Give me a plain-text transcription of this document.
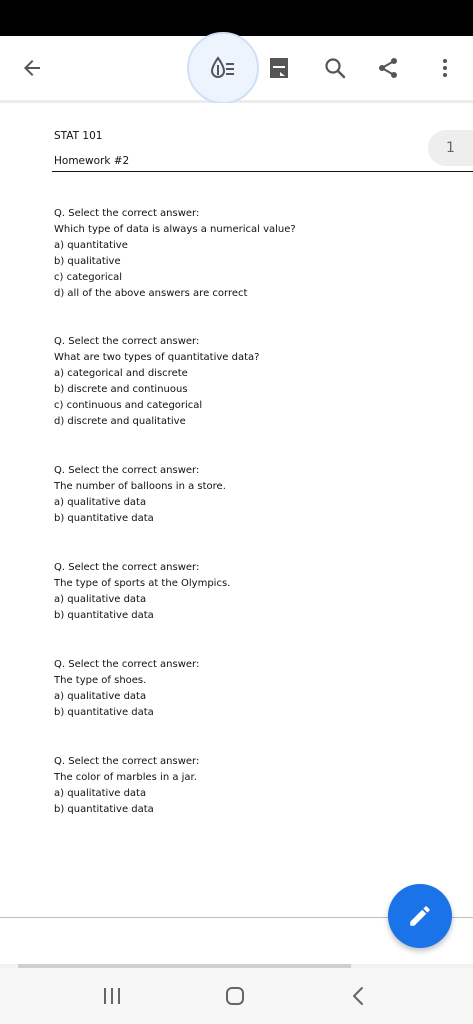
STAT 101
Homework #2
1
Q. Select the correct answer:
Which type of data is always a numerical value?
a) quantitative
b) qualitative
c) categorical
d) all of the above answers are correct
Q. Select the correct answer:
What are two types of quantitative data?
a) categorical and discrete
b) discrete and continuous
c) continuous and categorical
d) discrete and qualitative
Q. Select the correct answer:
The number of balloons in a store.
a) qualitative data
b) quantitative data
Q. Select the correct answer:
The type of sports at the Olympics.
a) qualitative data
b) quantitative data
Q. Select the correct answer:
The type of shoes.
a) qualitative data
b) quantitative data
Q. Select the correct answer:
The color of marbles in a jar.
a) qualitative data
b) quantitative data
